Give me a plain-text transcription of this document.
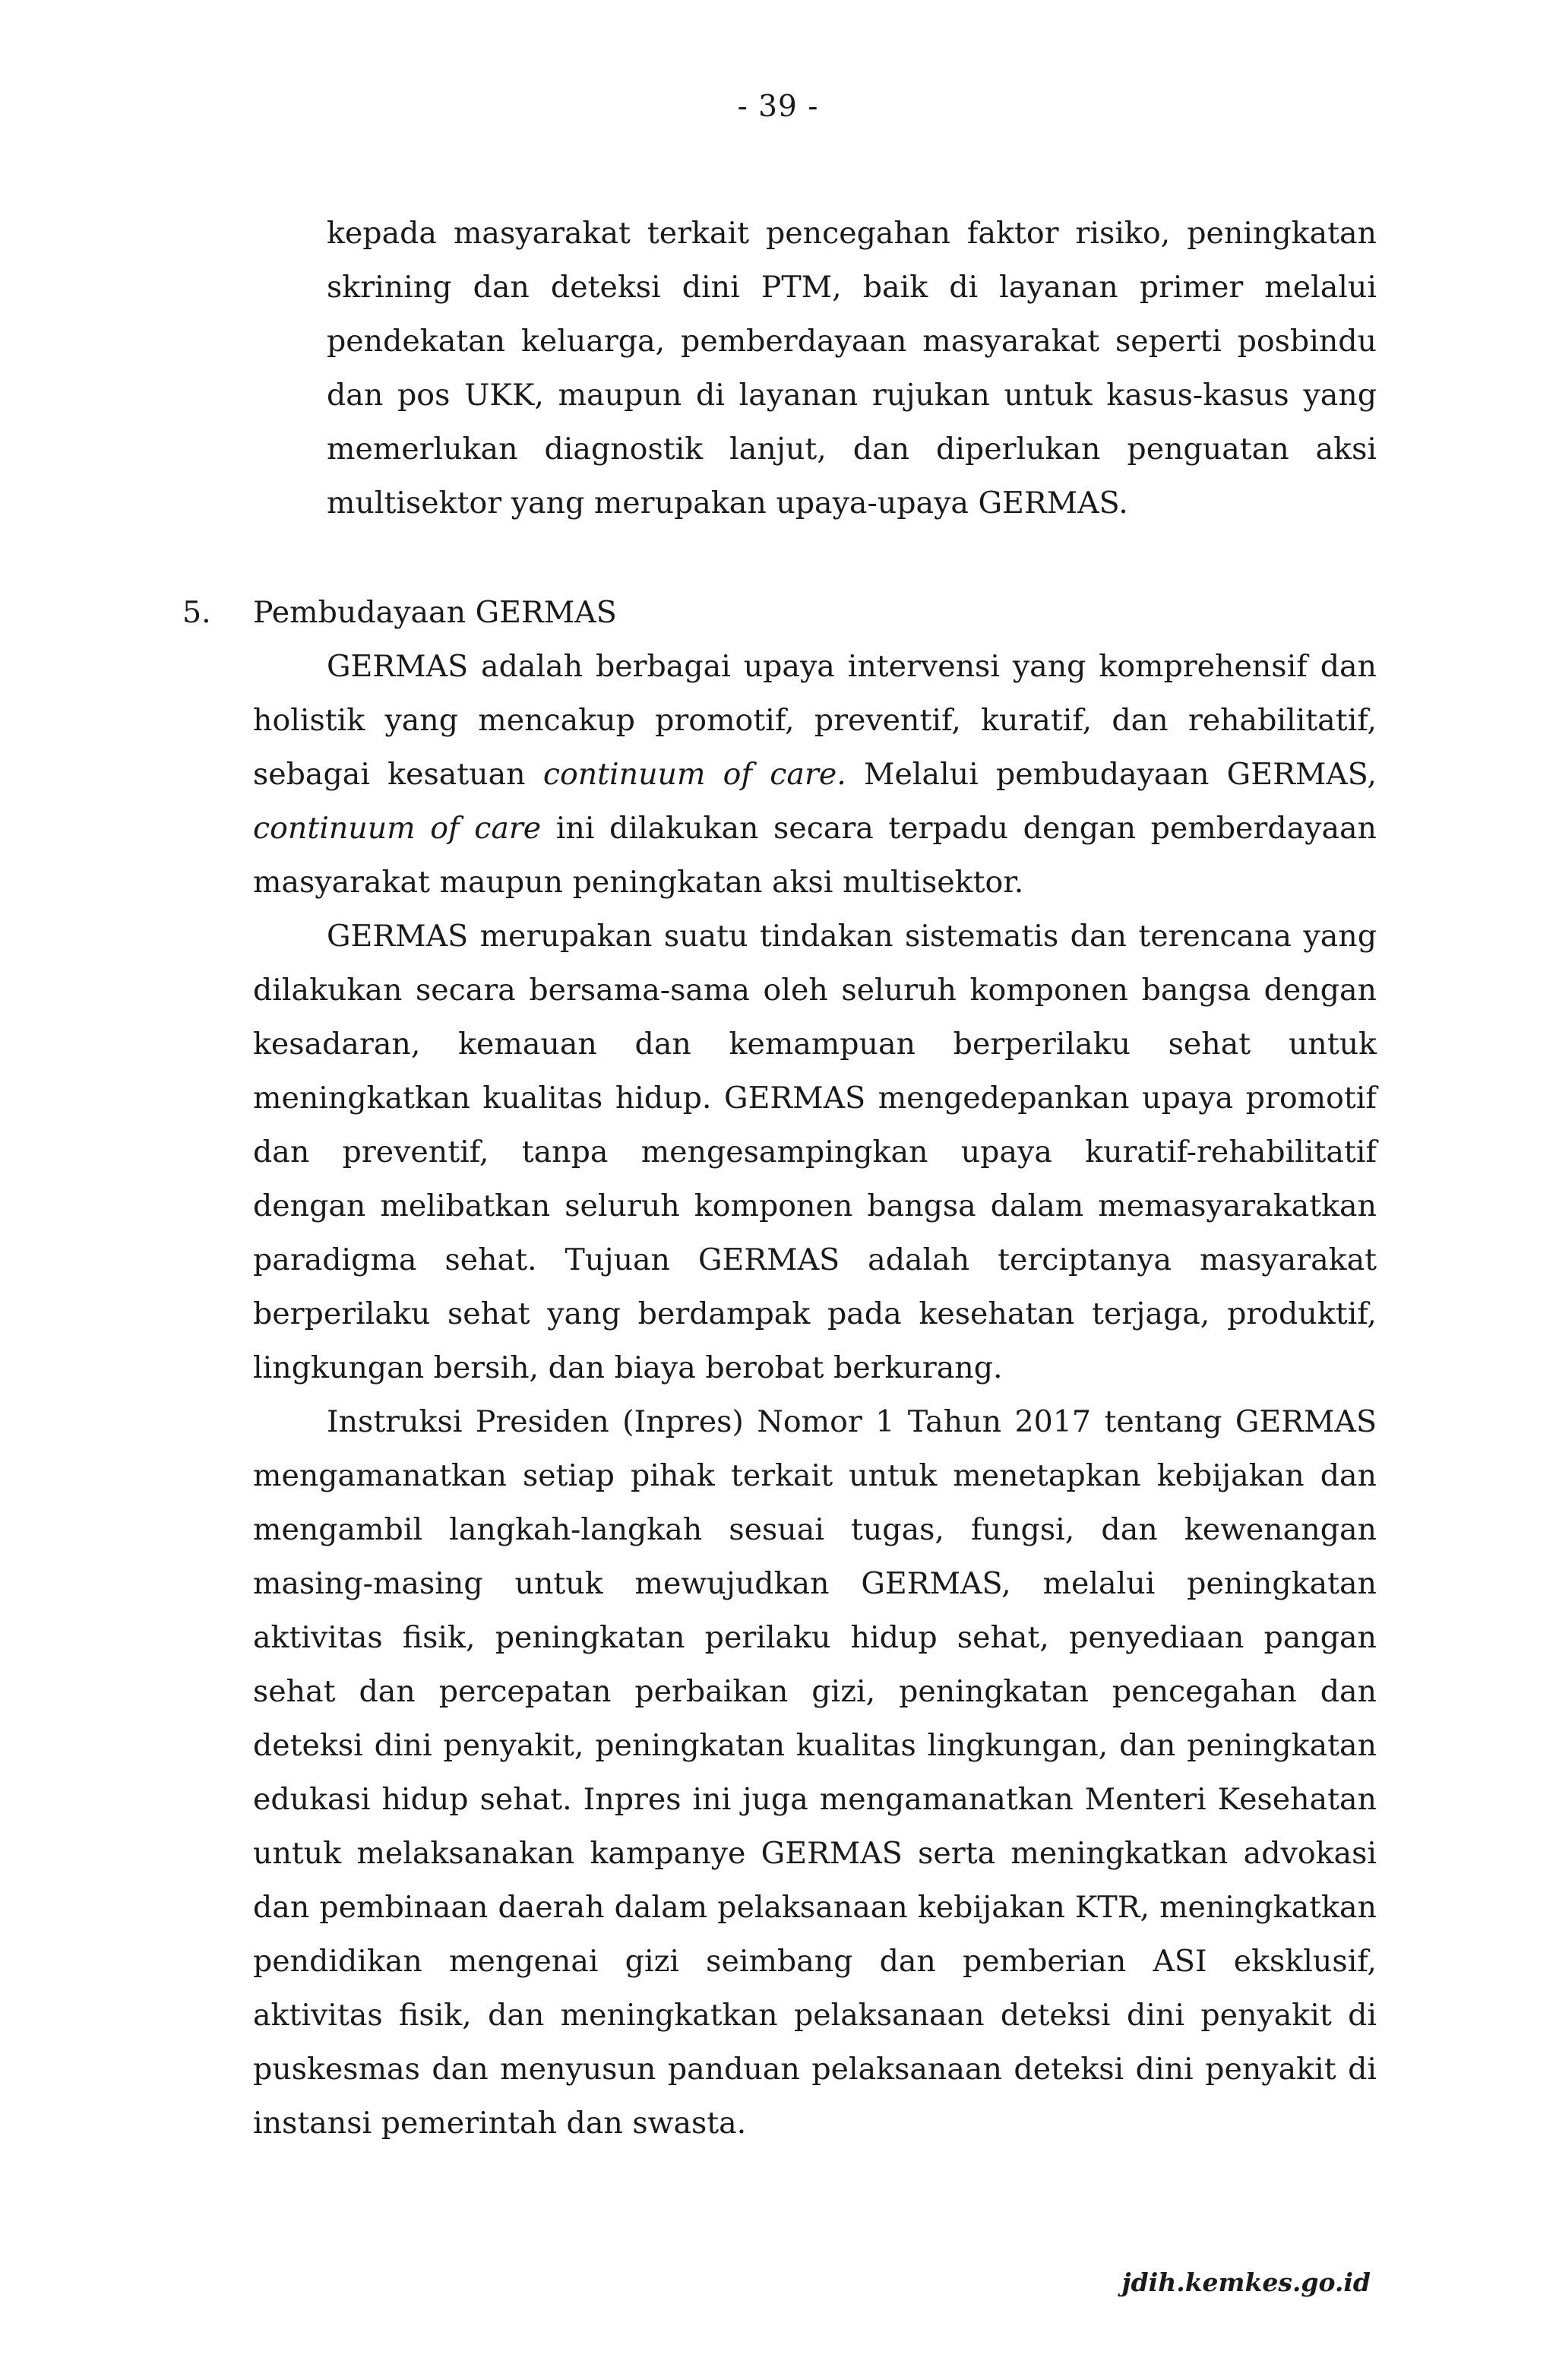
- 39 -

kepada masyarakat terkait pencegahan faktor risiko, peningkatan skrining dan deteksi dini PTM, baik di layanan primer melalui pendekatan keluarga, pemberdayaan masyarakat seperti posbindu dan pos UKK, maupun di layanan rujukan untuk kasus-kasus yang memerlukan diagnostik lanjut, dan diperlukan penguatan aksi multisektor yang merupakan upaya-upaya GERMAS.

5. Pembudayaan GERMAS

GERMAS adalah berbagai upaya intervensi yang komprehensif dan holistik yang mencakup promotif, preventif, kuratif, dan rehabilitatif, sebagai kesatuan continuum of care. Melalui pembudayaan GERMAS, continuum of care ini dilakukan secara terpadu dengan pemberdayaan masyarakat maupun peningkatan aksi multisektor.

GERMAS merupakan suatu tindakan sistematis dan terencana yang dilakukan secara bersama-sama oleh seluruh komponen bangsa dengan kesadaran, kemauan dan kemampuan berperilaku sehat untuk meningkatkan kualitas hidup. GERMAS mengedepankan upaya promotif dan preventif, tanpa mengesampingkan upaya kuratif-rehabilitatif dengan melibatkan seluruh komponen bangsa dalam memasyarakatkan paradigma sehat. Tujuan GERMAS adalah terciptanya masyarakat berperilaku sehat yang berdampak pada kesehatan terjaga, produktif, lingkungan bersih, dan biaya berobat berkurang.

Instruksi Presiden (Inpres) Nomor 1 Tahun 2017 tentang GERMAS mengamanatkan setiap pihak terkait untuk menetapkan kebijakan dan mengambil langkah-langkah sesuai tugas, fungsi, dan kewenangan masing-masing untuk mewujudkan GERMAS, melalui peningkatan aktivitas fisik, peningkatan perilaku hidup sehat, penyediaan pangan sehat dan percepatan perbaikan gizi, peningkatan pencegahan dan deteksi dini penyakit, peningkatan kualitas lingkungan, dan peningkatan edukasi hidup sehat. Inpres ini juga mengamanatkan Menteri Kesehatan untuk melaksanakan kampanye GERMAS serta meningkatkan advokasi dan pembinaan daerah dalam pelaksanaan kebijakan KTR, meningkatkan pendidikan mengenai gizi seimbang dan pemberian ASI eksklusif, aktivitas fisik, dan meningkatkan pelaksanaan deteksi dini penyakit di puskesmas dan menyusun panduan pelaksanaan deteksi dini penyakit di instansi pemerintah dan swasta.

jdih.kemkes.go.id
